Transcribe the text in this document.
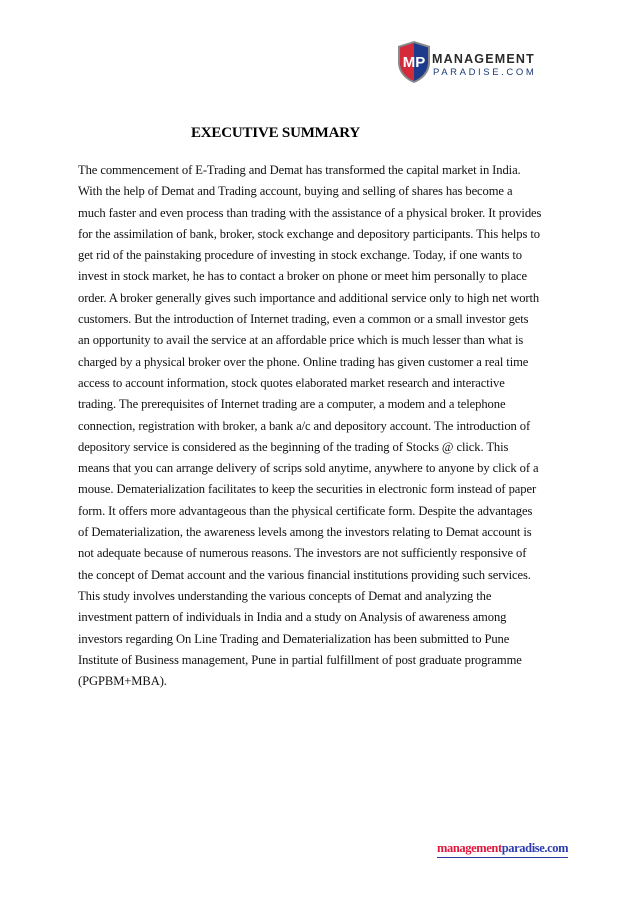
MP MANAGEMENT
PARADISE.COM
EXECUTIVE SUMMARY
The commencement of E-Trading and Demat has transformed the capital market in India.
With the help of Demat and Trading account, buying and selling of shares has become a
much faster and even process than trading with the assistance of a physical broker. It provides
for the assimilation of bank, broker, stock exchange and depository participants. This helps to
get rid of the painstaking procedure of investing in stock exchange. Today, if one wants to
invest in stock market, he has to contact a broker on phone or meet him personally to place
order. A broker generally gives such importance and additional service only to high net worth
customers. But the introduction of Internet trading, even a common or a small investor gets
an opportunity to avail the service at an affordable price which is much lesser than what is
charged by a physical broker over the phone. Online trading has given customer a real time
access to account information, stock quotes elaborated market research and interactive
trading. The prerequisites of Internet trading are a computer, a modem and a telephone
connection, registration with broker, a bank a/c and depository account. The introduction of
depository service is considered as the beginning of the trading of Stocks @ click. This
means that you can arrange delivery of scrips sold anytime, anywhere to anyone by click of a
mouse. Dematerialization facilitates to keep the securities in electronic form instead of paper
form. It offers more advantageous than the physical certificate form. Despite the advantages
of Dematerialization, the awareness levels among the investors relating to Demat account is
not adequate because of numerous reasons. The investors are not sufficiently responsive of
the concept of Demat account and the various financial institutions providing such services.
This study involves understanding the various concepts of Demat and analyzing the
investment pattern of individuals in India and a study on Analysis of awareness among
investors regarding On Line Trading and Dematerialization has been submitted to Pune
Institute of Business management, Pune in partial fulfillment of post graduate programme
(PGPBM+MBA).
managementparadise.com
